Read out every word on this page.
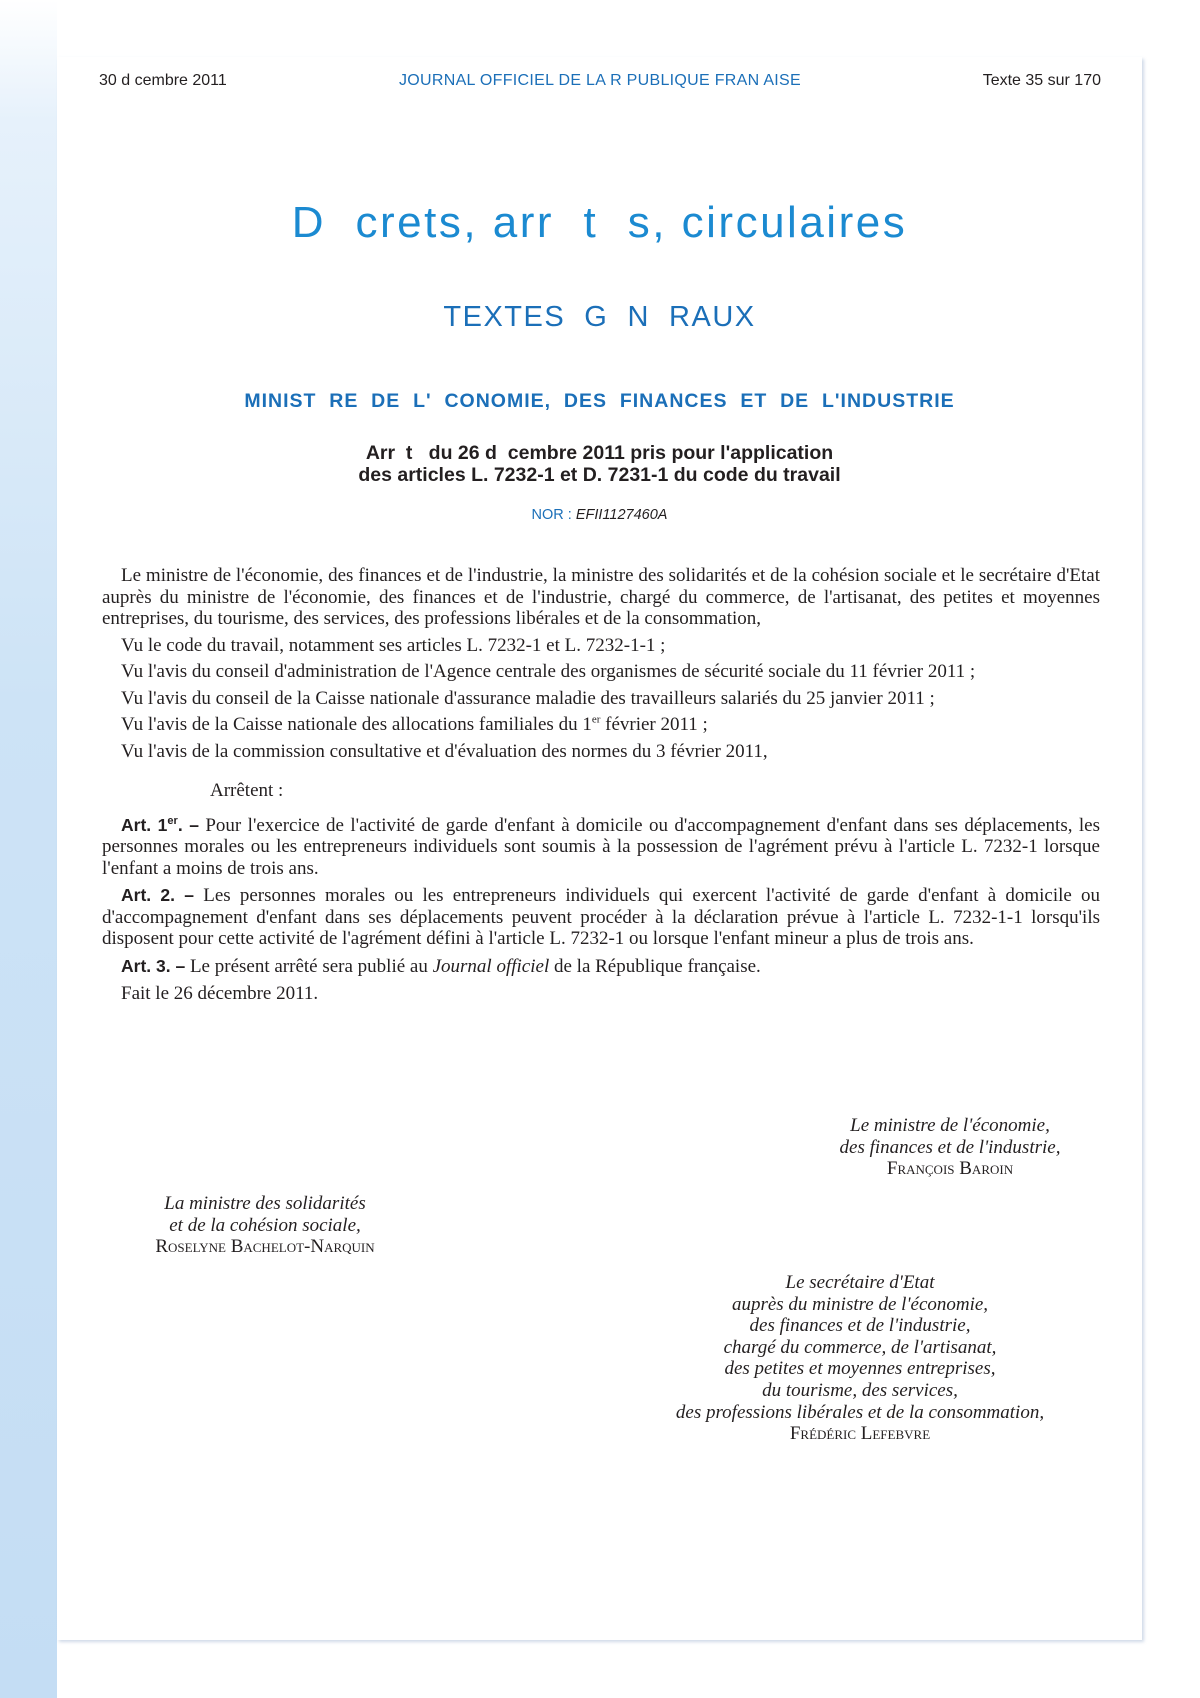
30 d cembre 2011	JOURNAL OFFICIEL DE LA R PUBLIQUE FRAN AISE	Texte 35 sur 170
D  crets, arr  t  s, circulaires
TEXTES  G  N  RAUX
MINIST  RE  DE  L'  CONOMIE,  DES  FINANCES  ET  DE  L'INDUSTRIE
Arr  t   du 26 d  cembre 2011 pris pour l'application
des articles L. 7232-1 et D. 7231-1 du code du travail
NOR : EFII1127460A

Le ministre de l'économie, des finances et de l'industrie, la ministre des solidarités et de la cohésion sociale et le secrétaire d'Etat auprès du ministre de l'économie, des finances et de l'industrie, chargé du commerce, de l'artisanat, des petites et moyennes entreprises, du tourisme, des services, des professions libérales et de la consommation,

Vu le code du travail, notamment ses articles L. 7232-1 et L. 7232-1-1 ;

Vu l'avis du conseil d'administration de l'Agence centrale des organismes de sécurité sociale du 11 février 2011 ;

Vu l'avis du conseil de la Caisse nationale d'assurance maladie des travailleurs salariés du 25 janvier 2011 ;

Vu l'avis de la Caisse nationale des allocations familiales du 1er février 2011 ;

Vu l'avis de la commission consultative et d'évaluation des normes du 3 février 2011,

Arrêtent :

Art. 1er. – Pour l'exercice de l'activité de garde d'enfant à domicile ou d'accompagnement d'enfant dans ses déplacements, les personnes morales ou les entrepreneurs individuels sont soumis à la possession de l'agrément prévu à l'article L. 7232-1 lorsque l'enfant a moins de trois ans.

Art. 2. – Les personnes morales ou les entrepreneurs individuels qui exercent l'activité de garde d'enfant à domicile ou d'accompagnement d'enfant dans ses déplacements peuvent procéder à la déclaration prévue à l'article L. 7232-1-1 lorsqu'ils disposent pour cette activité de l'agrément défini à l'article L. 7232-1 ou lorsque l'enfant mineur a plus de trois ans.

Art. 3. – Le présent arrêté sera publié au Journal officiel de la République française.

Fait le 26 décembre 2011.

Le ministre de l'économie,
des finances et de l'industrie,
François Baroin
La ministre des solidarités
et de la cohésion sociale,
Roselyne Bachelot-Narquin
Le secrétaire d'Etat
auprès du ministre de l'économie,
des finances et de l'industrie,
chargé du commerce, de l'artisanat,
des petites et moyennes entreprises,
du tourisme, des services,
des professions libérales et de la consommation,
Frédéric Lefebvre
